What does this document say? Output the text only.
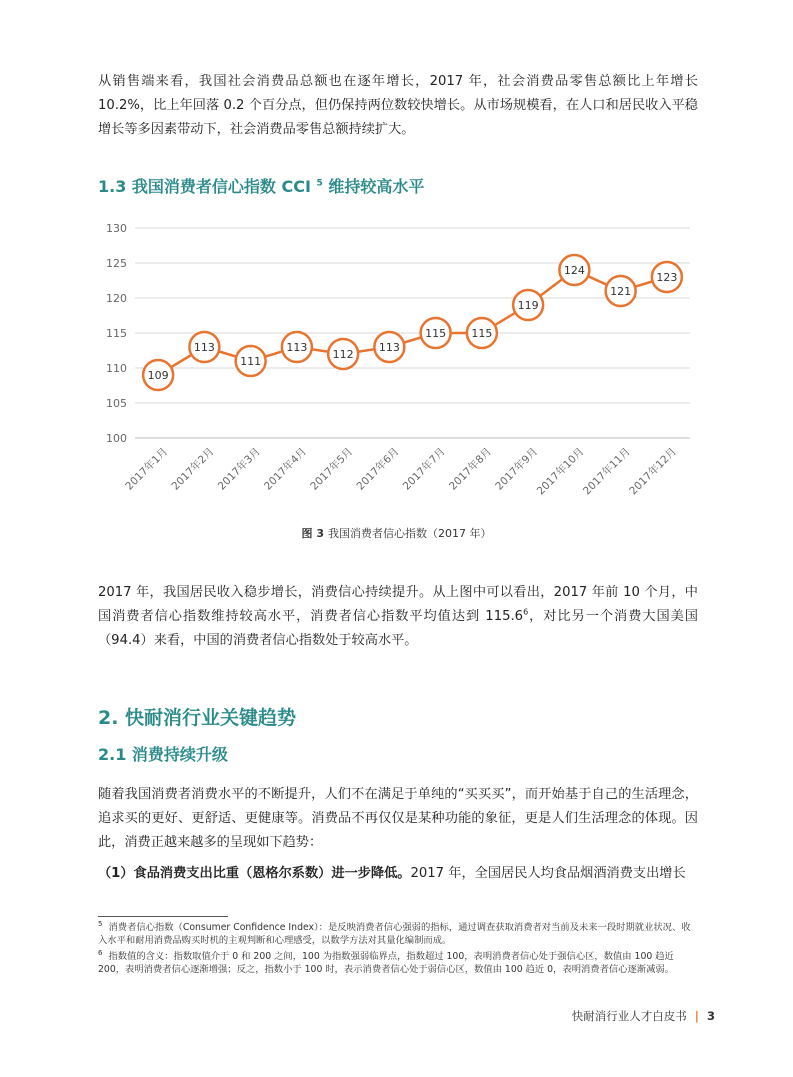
从销售端来看，我国社会消费品总额也在逐年增长，2017 年，社会消费品零售总额比上年增长 10.2%，比上年回落 0.2 个百分点，但仍保持两位数较快增长。从市场规模看，在人口和居民收入平稳增长等多因素带动下，社会消费品零售总额持续扩大。

1.3 我国消费者信心指数 CCI $^5$ 维持较高水平
100
105
110
115
120
125
130
2017年1月 2017年2月 2017年3月 2017年4月 2017年5月 2017年6月 2017年7月 2017年8月 2017年9月
2017年10月
2017年11月
2017年12月
109
113
111
113
112
113
115 115
119
124
121
123
图 3 我国消费者信心指数（2017 年）

2017 年，我国居民收入稳步增长，消费信心持续提升。从上图中可以看出，2017 年前 10 个月，中国消费者信心指数维持较高水平，消费者信心指数平均值达到 115.6$^6$，对比另一个消费大国美国（94.4）来看，中国的消费者信心指数处于较高水平。

2. 快耐消行业关键趋势
2.1 消费持续升级

随着我国消费者消费水平的不断提升，人们不在满足于单纯的“买买买”，而开始基于自己的生活理念，追求买的更好、更舒适、更健康等。消费品不再仅仅是某种功能的象征，更是人们生活理念的体现。因此，消费正越来越多的呈现如下趋势：

（1）食品消费支出比重（恩格尔系数）进一步降低。2017 年，全国居民人均食品烟酒消费支出增长

$^5$ 消费者信心指数（Consumer Confidence Index）：是反映消费者信心强弱的指标，通过调查获取消费者对当前及未来一段时期就业状况、收入水平和耐用消费品购买时机的主观判断和心理感受，以数学方法对其量化编制而成。

$^6$ 指数值的含义：指数取值介于 0 和 200 之间，100 为指数强弱临界点，指数超过 100，表明消费者信心处于强信心区，数值由 100 趋近 200，表明消费者信心逐渐增强；反之，指数小于 100 时，表示消费者信心处于弱信心区，数值由 100 趋近 0，表明消费者信心逐渐减弱。

快耐消行业人才白皮书 | 3
